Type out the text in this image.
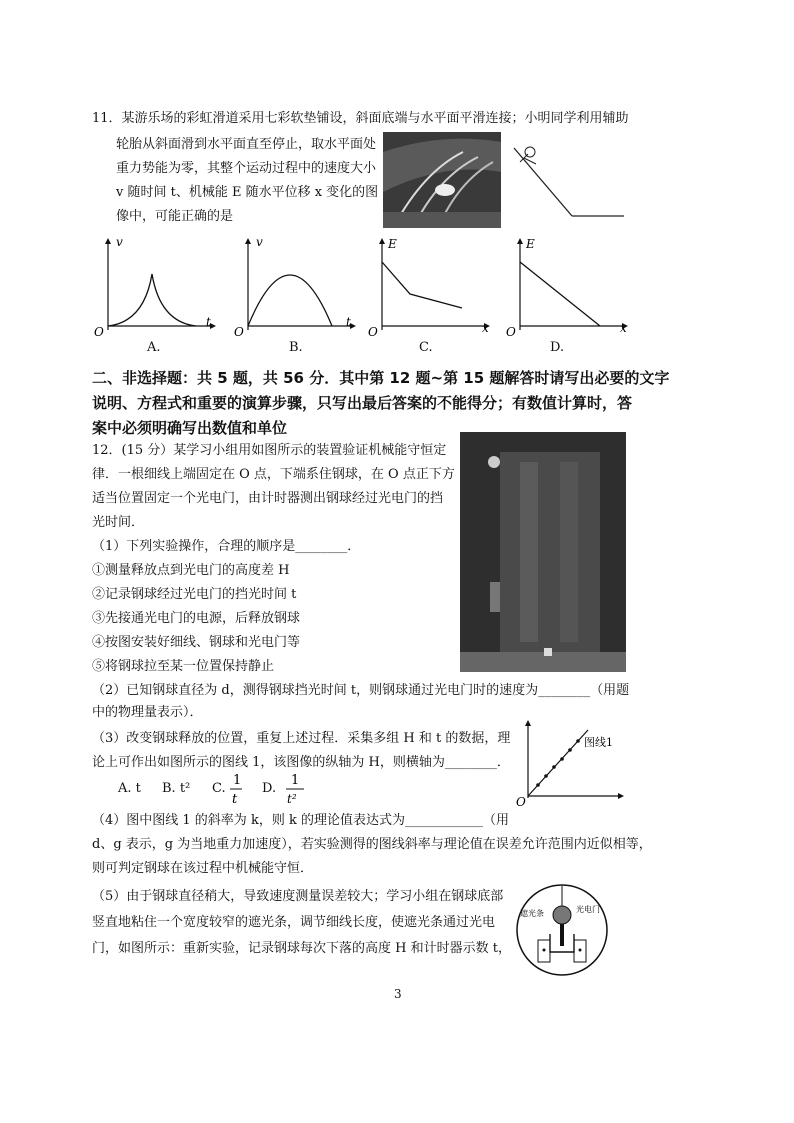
11．某游乐场的彩虹滑道采用七彩软垫铺设，斜面底端与水平面平滑连接；小明同学利用辅助
轮胎从斜面滑到水平面直至停止，取水平面处
重力势能为零，其整个运动过程中的速度大小
v 随时间 t、机械能 E 随水平位移 x 变化的图
像中，可能正确的是
v
t
O
A.
v
t
O
B.
E
x
O
C.
E
x
O
D.
二、非选择题：共 5 题，共 56 分．其中第 12 题~第 15 题解答时请写出必要的文字
说明、方程式和重要的演算步骤，只写出最后答案的不能得分；有数值计算时，答
案中必须明确写出数值和单位
12．(15 分）某学习小组用如图所示的装置验证机械能守恒定
律．一根细线上端固定在 O 点，下端系住钢球，在 O 点正下方
适当位置固定一个光电门，由计时器测出钢球经过光电门的挡
光时间．
（1）下列实验操作，合理的顺序是________．
①测量释放点到光电门的高度差 H
②记录钢球经过光电门的挡光时间 t
③先接通光电门的电源，后释放钢球
④按图安装好细线、钢球和光电门等
⑤将钢球拉至某一位置保持静止
（2）已知钢球直径为 d，测得钢球挡光时间 t，则钢球通过光电门时的速度为________（用题
中的物理量表示）．
（3）改变钢球释放的位置，重复上述过程．采集多组 H 和 t 的数据，理
论上可作出如图所示的图线 1，该图像的纵轴为 H，则横轴为________．
A. t B. t² C.
1
t
D.
1
t²
图线1
O
（4）图中图线 1 的斜率为 k，则 k 的理论值表达式为____________（用
d、g 表示，g 为当地重力加速度），若实验测得的图线斜率与理论值在误差允许范围内近似相等，
则可判定钢球在该过程中机械能守恒．
（5）由于钢球直径稍大，导致速度测量误差较大；学习小组在钢球底部
竖直地粘住一个宽度较窄的遮光条，调节细线长度，使遮光条通过光电
门，如图所示：重新实验，记录钢球每次下落的高度 H 和计时器示数 t，
遮光条	光电门
3
